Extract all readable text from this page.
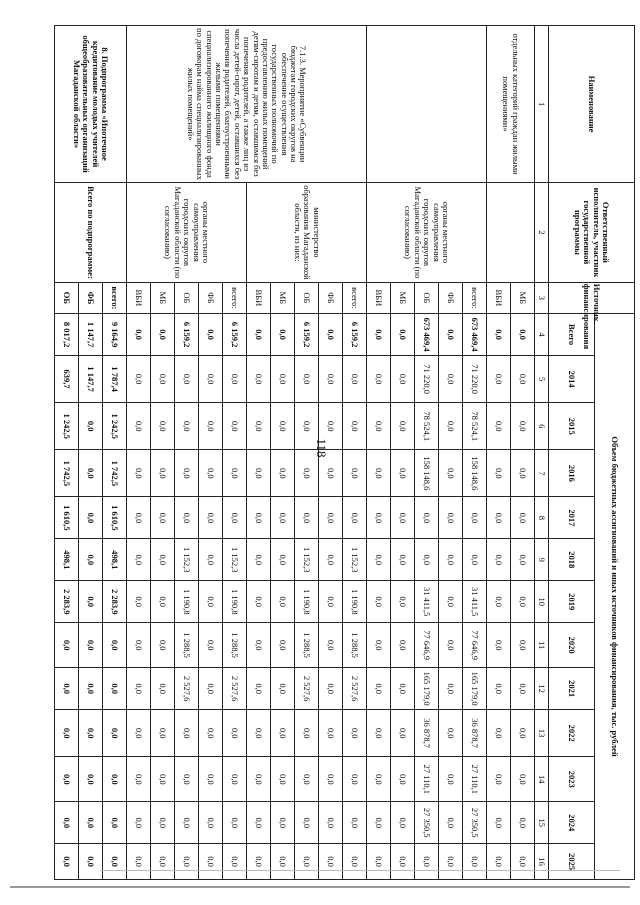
118
Наименование	Ответственный исполнитель, участник государственной программы	Источник финансирования	Объем бюджетных ассигнований и иных источников финансирования, тыс. рублей												
			Всего	2014	2015	2016	2017	2018	2019	2020	2021	2022	2023	2024	2025
1	2	3	4	5	6	7	8	9	10	11	12	13	14	15	16
отдельных категорий граждан жилыми помещениями»		МБ	0,0	0,0	0,0	0,0	0,0	0,0	0,0	0,0	0,0	0,0	0,0	0,0	0,0
		ВБИ	0,0	0,0	0,0	0,0	0,0	0,0	0,0	0,0	0,0	0,0	0,0	0,0	0,0
	органы местного самоуправления городских округов Магаданской области (по согласованию)	всего:	673 469,4	71 220,0	78 524,1	158 148,6	0,0	0,0	31 411,5	77 646,9	165 179,0	36 878,7	27 110,1	27 350,5	0,0
		ФБ	0,0	0,0	0,0	0,0	0,0	0,0	0,0	0,0	0,0	0,0	0,0	0,0	0,0
		ОБ	673 469,4	71 220,0	78 524,1	158 148,6	0,0	0,0	31 411,5	77 646,9	165 179,0	36 878,7	27 110,1	27 350,5	0,0
		МБ	0,0	0,0	0,0	0,0	0,0	0,0	0,0	0,0	0,0	0,0	0,0	0,0	0,0
		ВБИ	0,0	0,0	0,0	0,0	0,0	0,0	0,0	0,0	0,0	0,0	0,0	0,0	0,0
7.1.3. Мероприятие «Субвенции бюджетам городских округов на обеспечение осуществления государственных полномочий по предоставлению жилых помещений детям-сиротам и детям, оставшимся без попечения родителей, а также лиц из числа детей-сирот, детей, оставшихся без попечения родителей, благоустроенными жилыми помещениями специализированного жилищного фонда по договорам найма специализированных жилых помещений»	министерство образования Магаданской области, из них:	всего:	6 159,2	0,0	0,0	0,0	0,0	1 152,3	1 190,8	1 288,5	2 527,6	0,0	0,0	0,0	0,0
		ФБ	0,0	0,0	0,0	0,0	0,0	0,0	0,0	0,0	0,0	0,0	0,0	0,0	0,0
		ОБ	6 159,2	0,0	0,0	0,0	0,0	1 152,3	1 190,8	1 288,5	2 527,6	0,0	0,0	0,0	0,0
		МБ	0,0	0,0	0,0	0,0	0,0	0,0	0,0	0,0	0,0	0,0	0,0	0,0	0,0
		ВБИ	0,0	0,0	0,0	0,0	0,0	0,0	0,0	0,0	0,0	0,0	0,0	0,0	0,0
	органы местного самоуправления городских округов Магаданской области (по согласованию)	всего:	6 159,2	0,0	0,0	0,0	0,0	1 152,3	1 190,8	1 288,5	2 527,6	0,0	0,0	0,0	0,0
		ФБ	0,0	0,0	0,0	0,0	0,0	0,0	0,0	0,0	0,0	0,0	0,0	0,0	0,0
		ОБ	6 159,2	0,0	0,0	0,0	0,0	1 152,3	1 190,8	1 288,5	2 527,6	0,0	0,0	0,0	0,0
		МБ	0,0	0,0	0,0	0,0	0,0	0,0	0,0	0,0	0,0	0,0	0,0	0,0	0,0
		ВБИ	0,0	0,0	0,0	0,0	0,0	0,0	0,0	0,0	0,0	0,0	0,0	0,0	0,0
8. Подпрограмма «Ипотечное кредитование молодых учителей общеобразовательных организаций Магаданской области»	Всего по подпрограмме:	всего:	9 164,9	1 787,4	1 242,5	1 742,5	1 610,5	498,1	2 283,9	0,0	0,0	0,0	0,0	0,0	0,0
		ФБ	1 147,7	1 147,7	0,0	0,0	0,0	0,0	0,0	0,0	0,0	0,0	0,0	0,0	0,0
		ОБ	8 017,2	639,7	1 242,5	1 742,5	1 610,5	498,1	2 283,9	0,0	0,0	0,0	0,0	0,0	0,0
